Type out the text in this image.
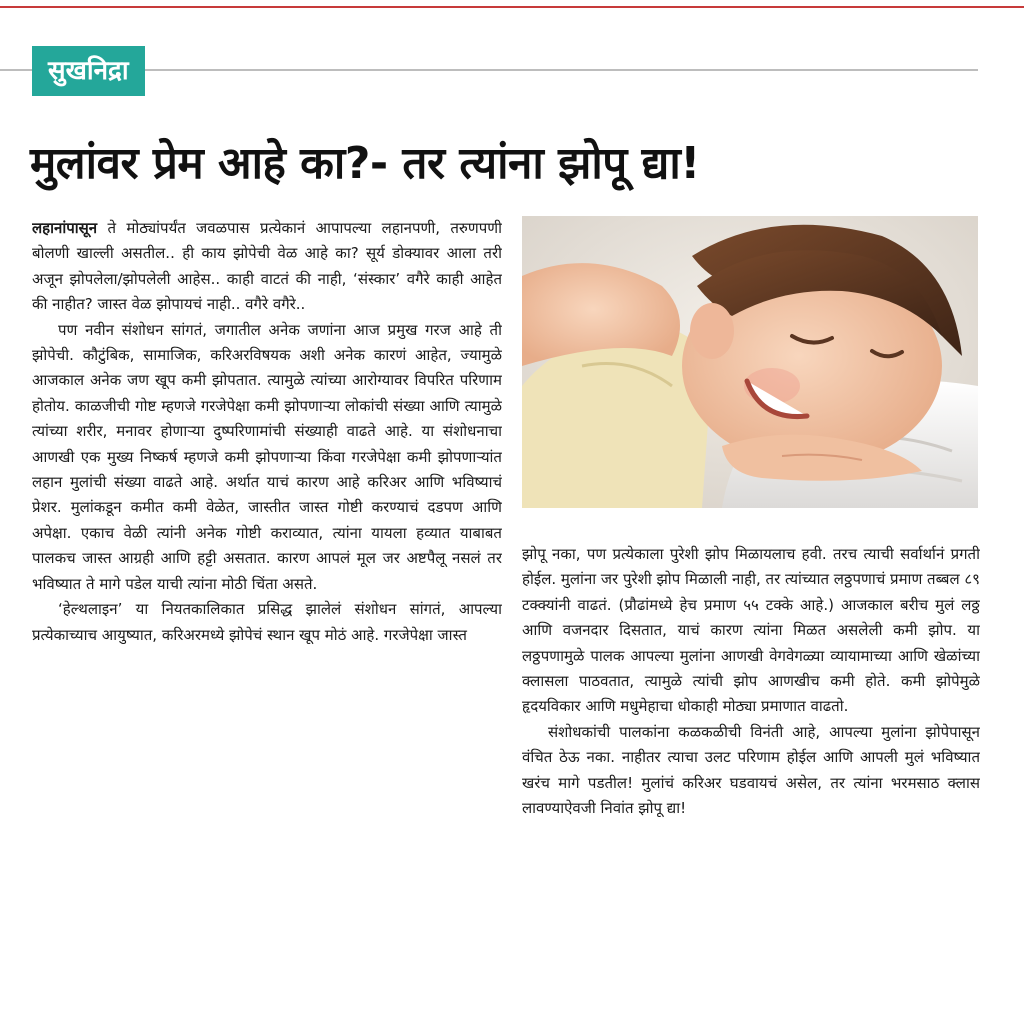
सुखनिद्रा
मुलांवर प्रेम आहे का?- तर त्यांना झोपू द्या!

लहानांपासून ते मोठ्यांपर्यंत जवळपास प्रत्येकानं आपापल्या लहानपणी, तरुणपणी बोलणी खाल्ली असतील.. ही काय झोपेची वेळ आहे का? सूर्य डोक्यावर आला तरी अजून झोपलेला/झोपलेली आहेस.. काही वाटतं की नाही, ‘संस्कार’ वगैरे काही आहेत की नाहीत? जास्त वेळ झोपायचं नाही.. वगैरे वगैरे..

पण नवीन संशोधन सांगतं, जगातील अनेक जणांना आज प्रमुख गरज आहे ती झोपेची. कौटुंबिक, सामाजिक, करिअरविषयक अशी अनेक कारणं आहेत, ज्यामुळे आजकाल अनेक जण खूप कमी झोपतात. त्यामुळे त्यांच्या आरोग्यावर विपरित परिणाम होतोय. काळजीची गोष्ट म्हणजे गरजेपेक्षा कमी झोपणाऱ्या लोकांची संख्या आणि त्यामुळे त्यांच्या शरीर, मनावर होणाऱ्या दुष्परिणामांची संख्याही वाढते आहे. या संशोधनाचा आणखी एक मुख्य निष्कर्ष म्हणजे कमी झोपणाऱ्या किंवा गरजेपेक्षा कमी झोपणाऱ्यांत लहान मुलांची संख्या वाढते आहे. अर्थात याचं कारण आहे करिअर आणि भविष्याचं प्रेशर. मुलांकडून कमीत कमी वेळेत, जास्तीत जास्त गोष्टी करण्याचं दडपण आणि अपेक्षा. एकाच वेळी त्यांनी अनेक गोष्टी कराव्यात, त्यांना यायला हव्यात याबाबत पालकच जास्त आग्रही आणि हट्टी असतात. कारण आपलं मूल जर अष्टपैलू नसलं तर भविष्यात ते मागे पडेल याची त्यांना मोठी चिंता असते.

‘हेल्थलाइन’ या नियतकालिकात प्रसिद्ध झालेलं संशोधन सांगतं, आपल्या प्रत्येकाच्याच आयुष्यात, करिअरमध्ये झोपेचं स्थान खूप मोठं आहे. गरजेपेक्षा जास्त

झोपू नका, पण प्रत्येकाला पुरेशी झोप मिळायलाच हवी. तरच त्याची सर्वार्थानं प्रगती होईल. मुलांना जर पुरेशी झोप मिळाली नाही, तर त्यांच्यात लठ्ठपणाचं प्रमाण तब्बल ८९ टक्क्यांनी वाढतं. (प्रौढांमध्ये हेच प्रमाण ५५ टक्के आहे.) आजकाल बरीच मुलं लठ्ठ आणि वजनदार दिसतात, याचं कारण त्यांना मिळत असलेली कमी झोप. या लठ्ठपणामुळे पालक आपल्या मुलांना आणखी वेगवेगळ्या व्यायामाच्या आणि खेळांच्या क्लासला पाठवतात, त्यामुळे त्यांची झोप आणखीच कमी होते. कमी झोपेमुळे हृदयविकार आणि मधुमेहाचा धोकाही मोठ्या प्रमाणात वाढतो.

संशोधकांची पालकांना कळकळीची विनंती आहे, आपल्या मुलांना झोपेपासून वंचित ठेऊ नका. नाहीतर त्याचा उलट परिणाम होईल आणि आपली मुलं भविष्यात खरंच मागे पडतील! मुलांचं करिअर घडवायचं असेल, तर त्यांना भरमसाठ क्लास लावण्याऐवजी निवांत झोपू द्या!
